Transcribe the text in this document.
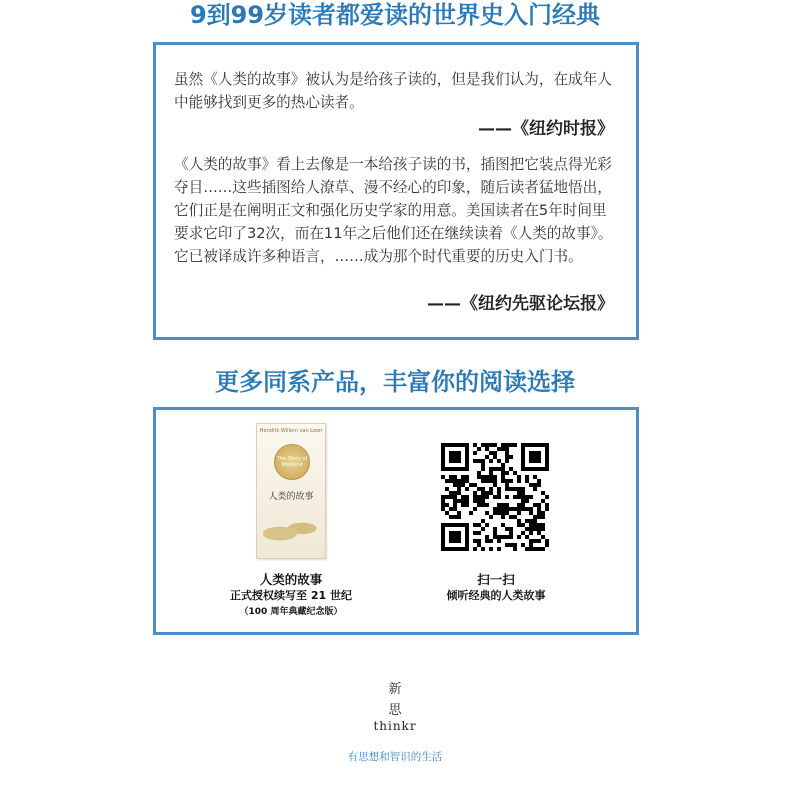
9到99岁读者都爱读的世界史入门经典
虽然《人类的故事》被认为是给孩子读的，但是我们认为，在成年人中能够找到更多的热心读者。
——《纽约时报》
《人类的故事》看上去像是一本给孩子读的书，插图把它装点得光彩夺目……这些插图给人潦草、漫不经心的印象，随后读者猛地悟出，它们正是在阐明正文和强化历史学家的用意。美国读者在5年时间里要求它印了32次，而在11年之后他们还在继续读着《人类的故事》。它已被译成许多种语言，……成为那个时代重要的历史入门书。
——《纽约先驱论坛报》
更多同系产品，丰富你的阅读选择
Hendrik Willem van Loon
The Story of Mankind
人类的故事
人类的故事
正式授权续写至 21 世纪
（100 周年典藏纪念版）
扫一扫
倾听经典的人类故事
新
思
thinkr
有思想和智识的生活
